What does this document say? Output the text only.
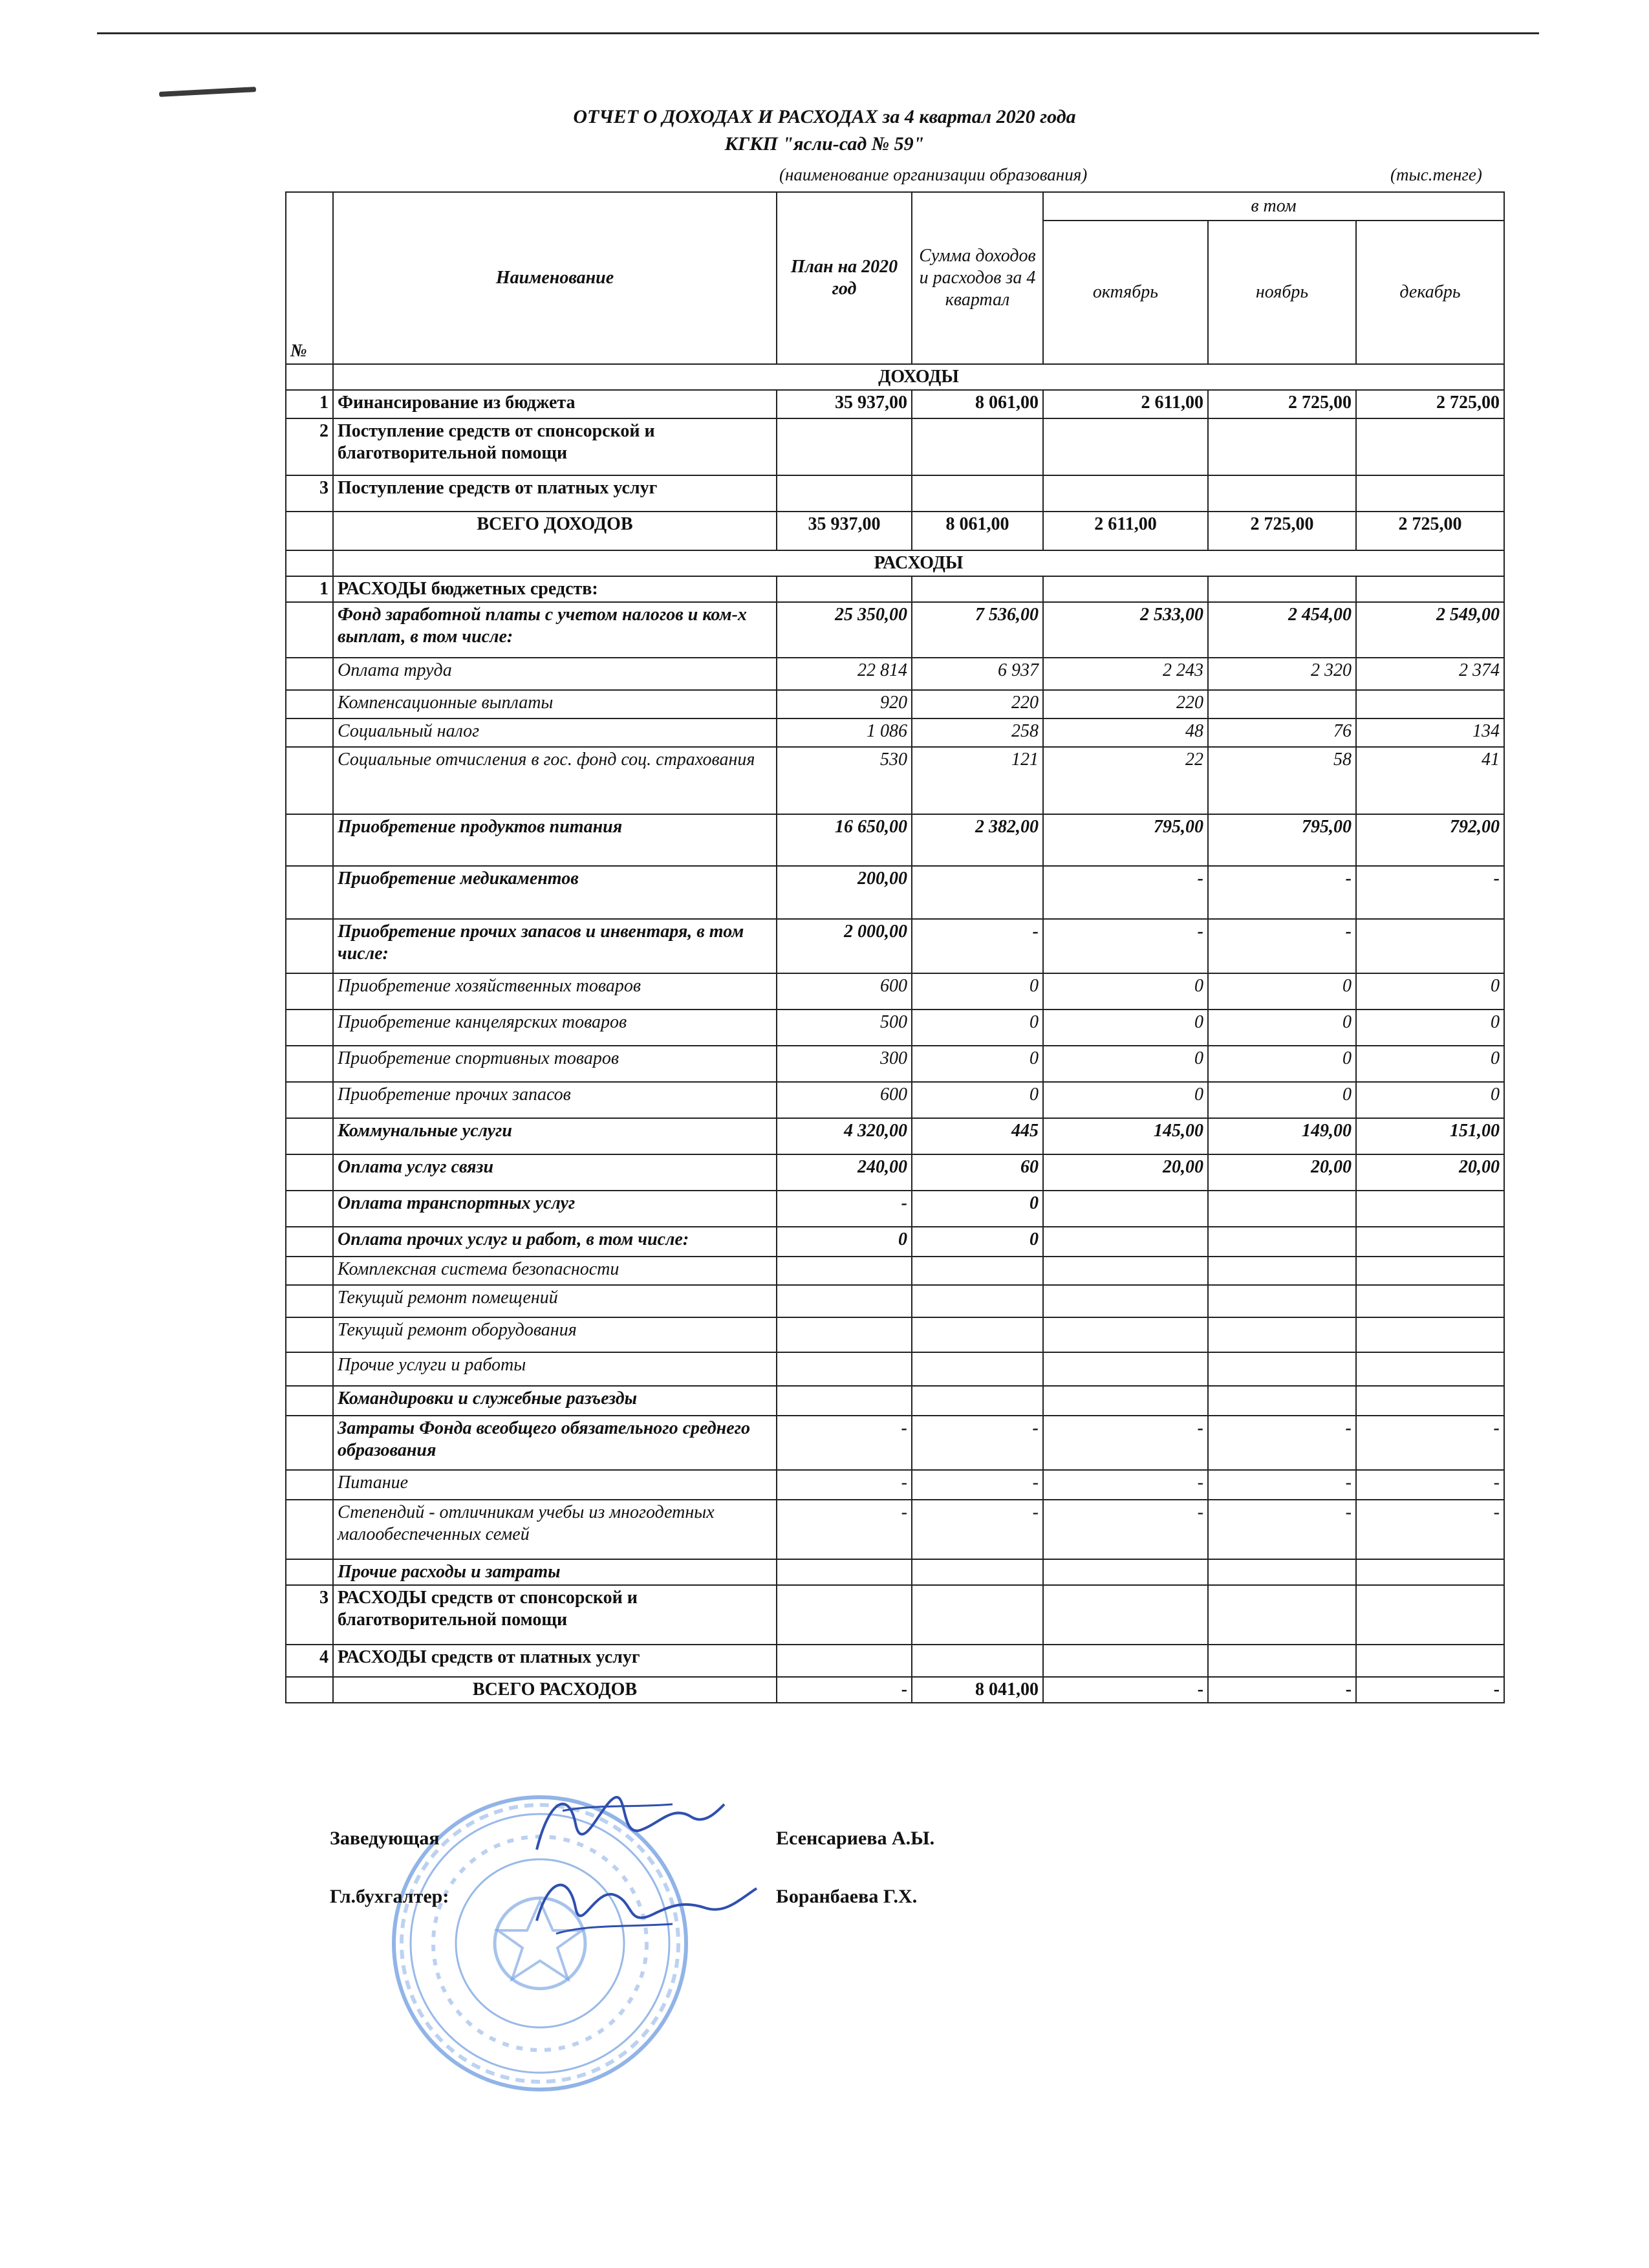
ОТЧЕТ О ДОХОДАХ И РАСХОДАХ за 4 квартал 2020 года
КГКП "ясли-сад № 59"
(наименование организации образования)	(тыс.тенге)
№	Наименование	План на 2020 год	Сумма доходов и расходов за 4 квартал	в том		
				октябрь	ноябрь	декабрь
	ДОХОДЫ					
1	Финансирование из бюджета	35 937,00	8 061,00	2 611,00	2 725,00	2 725,00
2	Поступление средств от спонсорской и благотворительной помощи					
3	Поступление средств от платных услуг					
	ВСЕГО ДОХОДОВ	35 937,00	8 061,00	2 611,00	2 725,00	2 725,00
	РАСХОДЫ					
1	РАСХОДЫ бюджетных средств:					
	Фонд заработной платы с учетом налогов и ком-х выплат, в том числе:	25 350,00	7 536,00	2 533,00	2 454,00	2 549,00
	Оплата труда	22 814	6 937	2 243	2 320	2 374
	Компенсационные выплаты	920	220	220		
	Социальный налог	1 086	258	48	76	134
	Социальные отчисления в гос. фонд соц. страхования	530	121	22	58	41
	Приобретение продуктов питания	16 650,00	2 382,00	795,00	795,00	792,00
	Приобретение медикаментов	200,00		-	-	-
	Приобретение прочих запасов и инвентаря, в том числе:	2 000,00	-	-	-	
	Приобретение хозяйственных товаров	600	0	0	0	0
	Приобретение канцелярских товаров	500	0	0	0	0
	Приобретение спортивных товаров	300	0	0	0	0
	Приобретение прочих запасов	600	0	0	0	0
	Коммунальные услуги	4 320,00	445	145,00	149,00	151,00
	Оплата услуг связи	240,00	60	20,00	20,00	20,00
	Оплата транспортных услуг	-	0			
	Оплата прочих услуг и работ, в том числе:	0	0			
	Комплексная система безопасности					
	Текущий ремонт помещений					
	Текущий ремонт оборудования					
	Прочие услуги и работы					
	Командировки и служебные разъезды					
	Затраты Фонда всеобщего обязательного среднего образования	-	-	-	-	-
	Питание	-	-	-	-	-
	Степендий - отличникам учебы из многодетных малообеспеченных семей	-	-	-	-	-
	Прочие расходы и затраты					
3	РАСХОДЫ средств от спонсорской и благотворительной помощи					
4	РАСХОДЫ средств от платных услуг					
	ВСЕГО РАСХОДОВ	-	8 041,00	-	-	-
Заведующая	Есенсариева А.Ы.
Гл.бухгалтер:	Боранбаева Г.Х.
